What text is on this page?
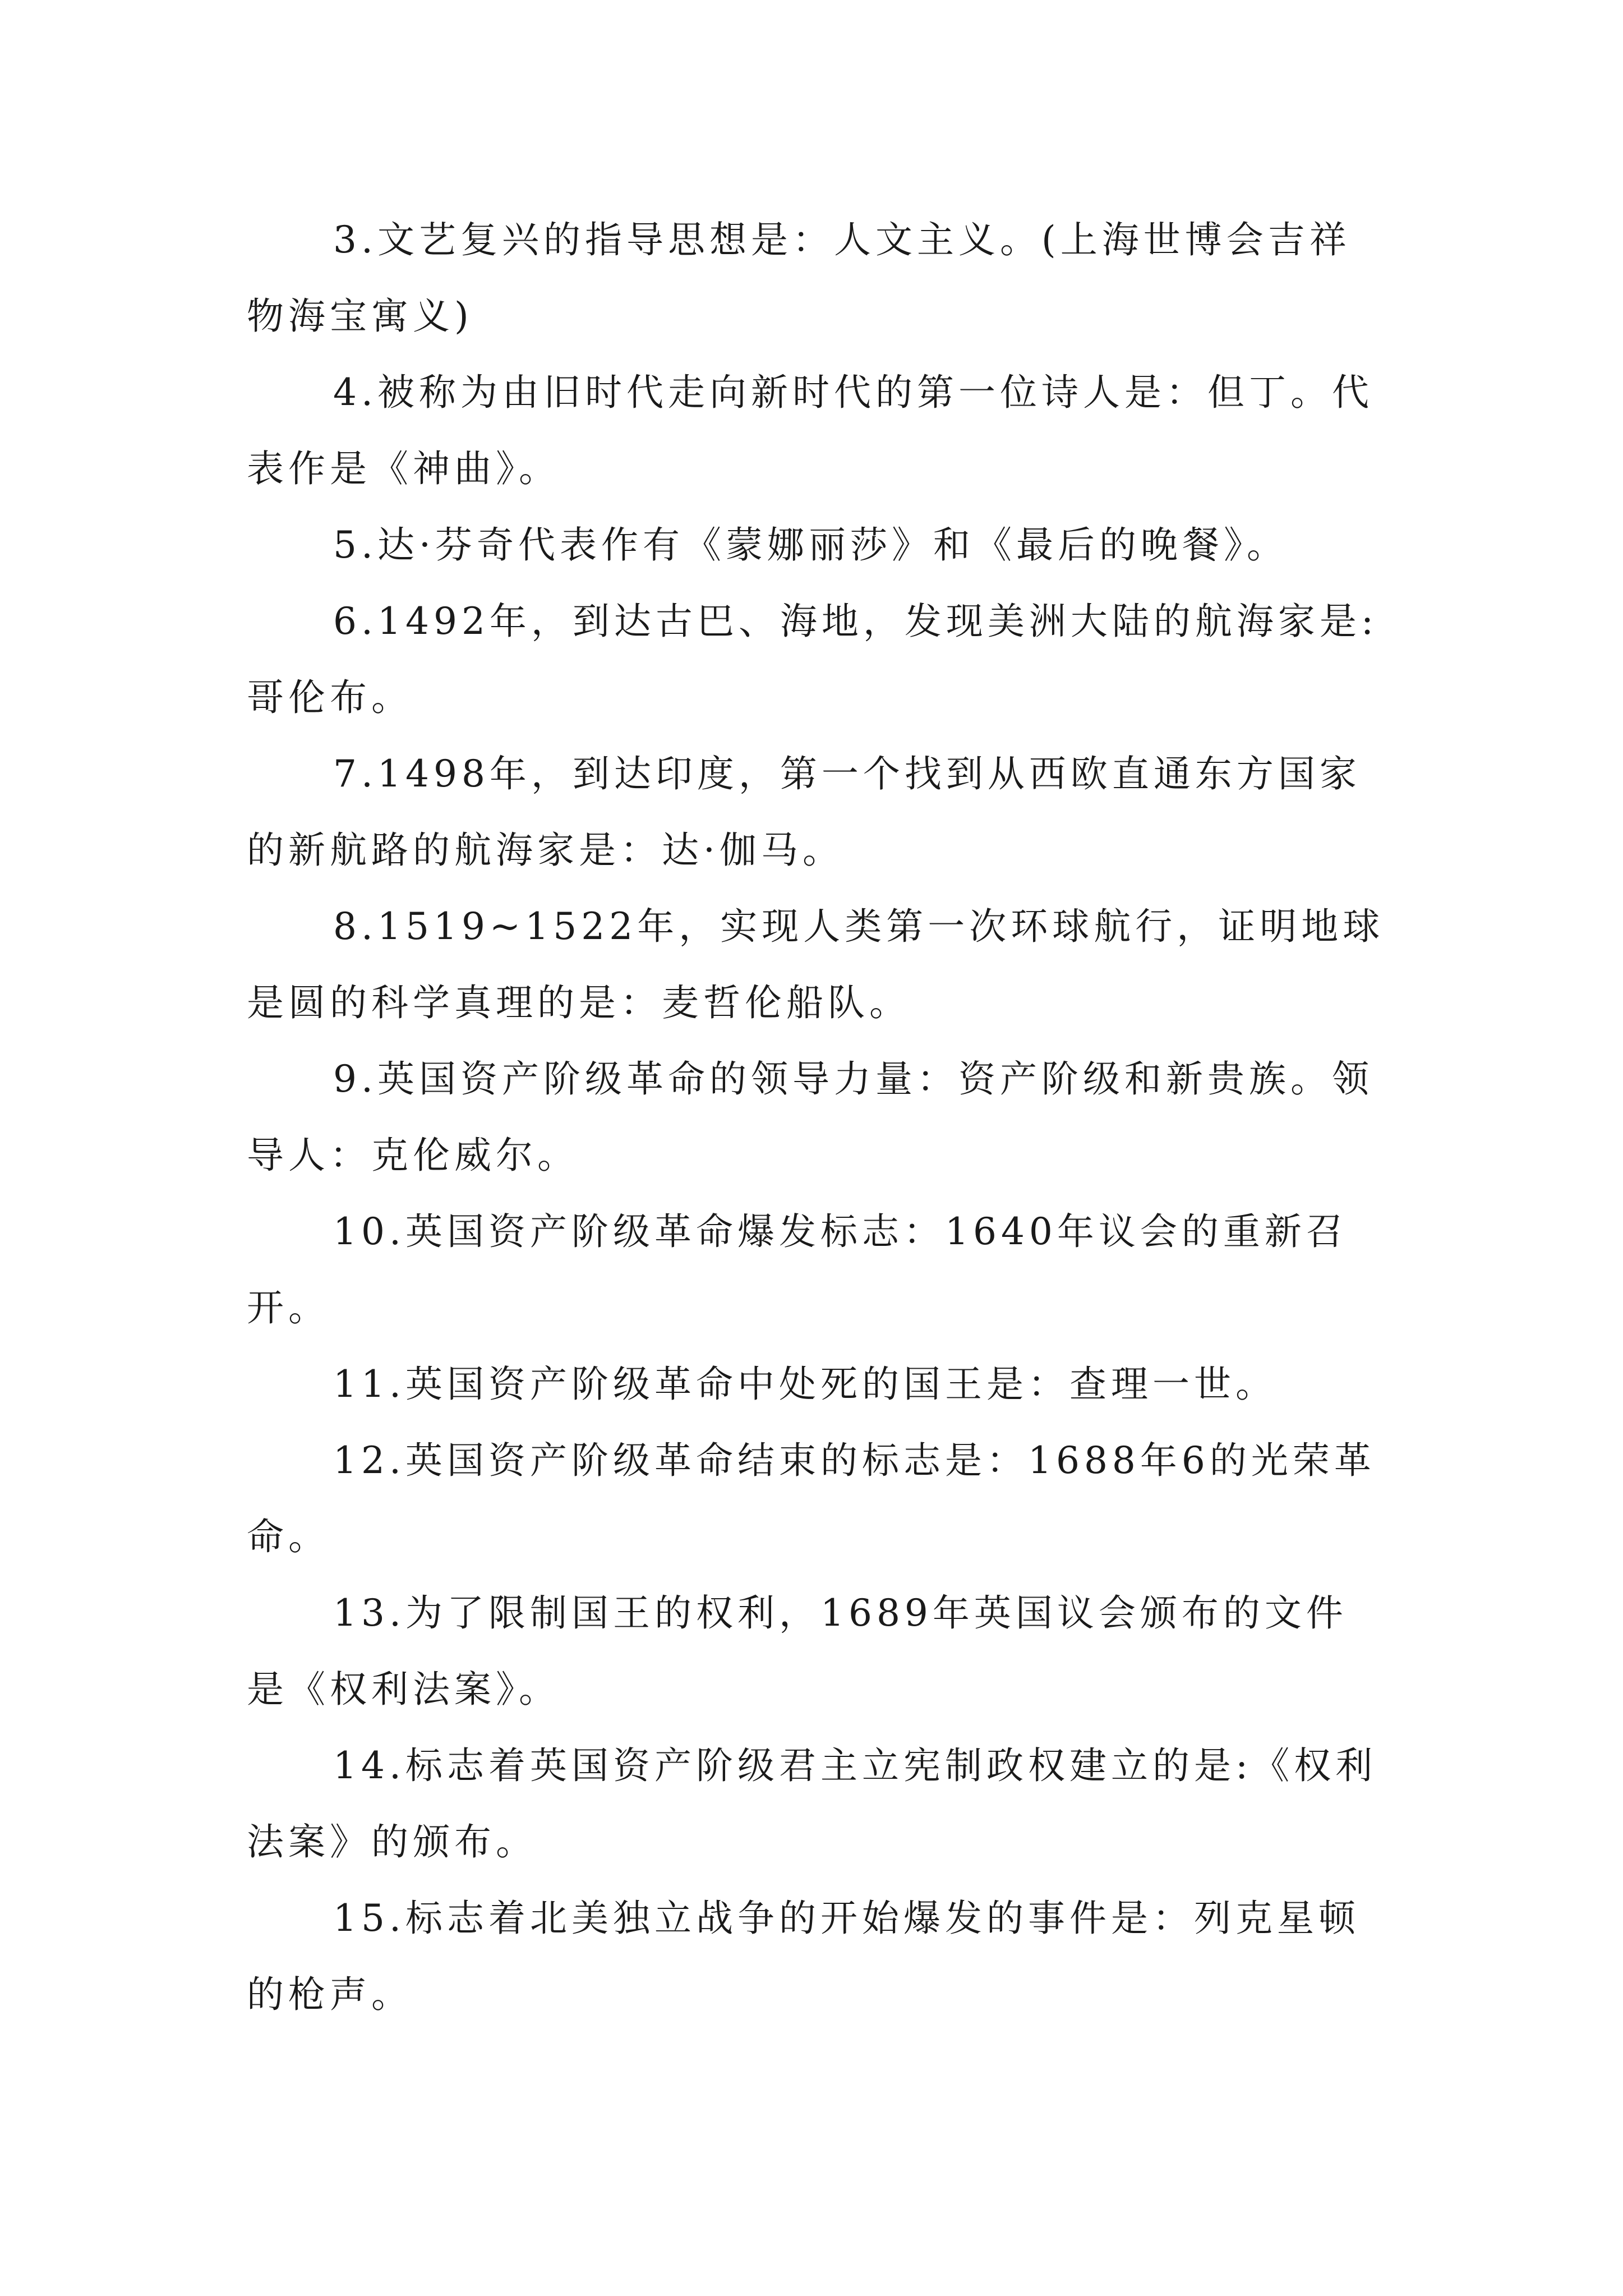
3.文艺复兴的指导思想是：人文主义。(上海世博会吉祥物海宝寓义)

4.被称为由旧时代走向新时代的第一位诗人是：但丁。代表作是《神曲》。

5.达·芬奇代表作有《蒙娜丽莎》和《最后的晚餐》。

6.1492年，到达古巴、海地，发现美洲大陆的航海家是:哥伦布。

7.1498年，到达印度，第一个找到从西欧直通东方国家的新航路的航海家是：达·伽马。

8.1519~1522年，实现人类第一次环球航行，证明地球是圆的科学真理的是：麦哲伦船队。

9.英国资产阶级革命的领导力量：资产阶级和新贵族。领导人：克伦威尔。

10.英国资产阶级革命爆发标志：1640年议会的重新召开。

11.英国资产阶级革命中处死的国王是：查理一世。

12.英国资产阶级革命结束的标志是：1688年6的光荣革命。

13.为了限制国王的权利，1689年英国议会颁布的文件是《权利法案》。

14.标志着英国资产阶级君主立宪制政权建立的是:《权利法案》的颁布。

15.标志着北美独立战争的开始爆发的事件是：列克星顿的枪声。
